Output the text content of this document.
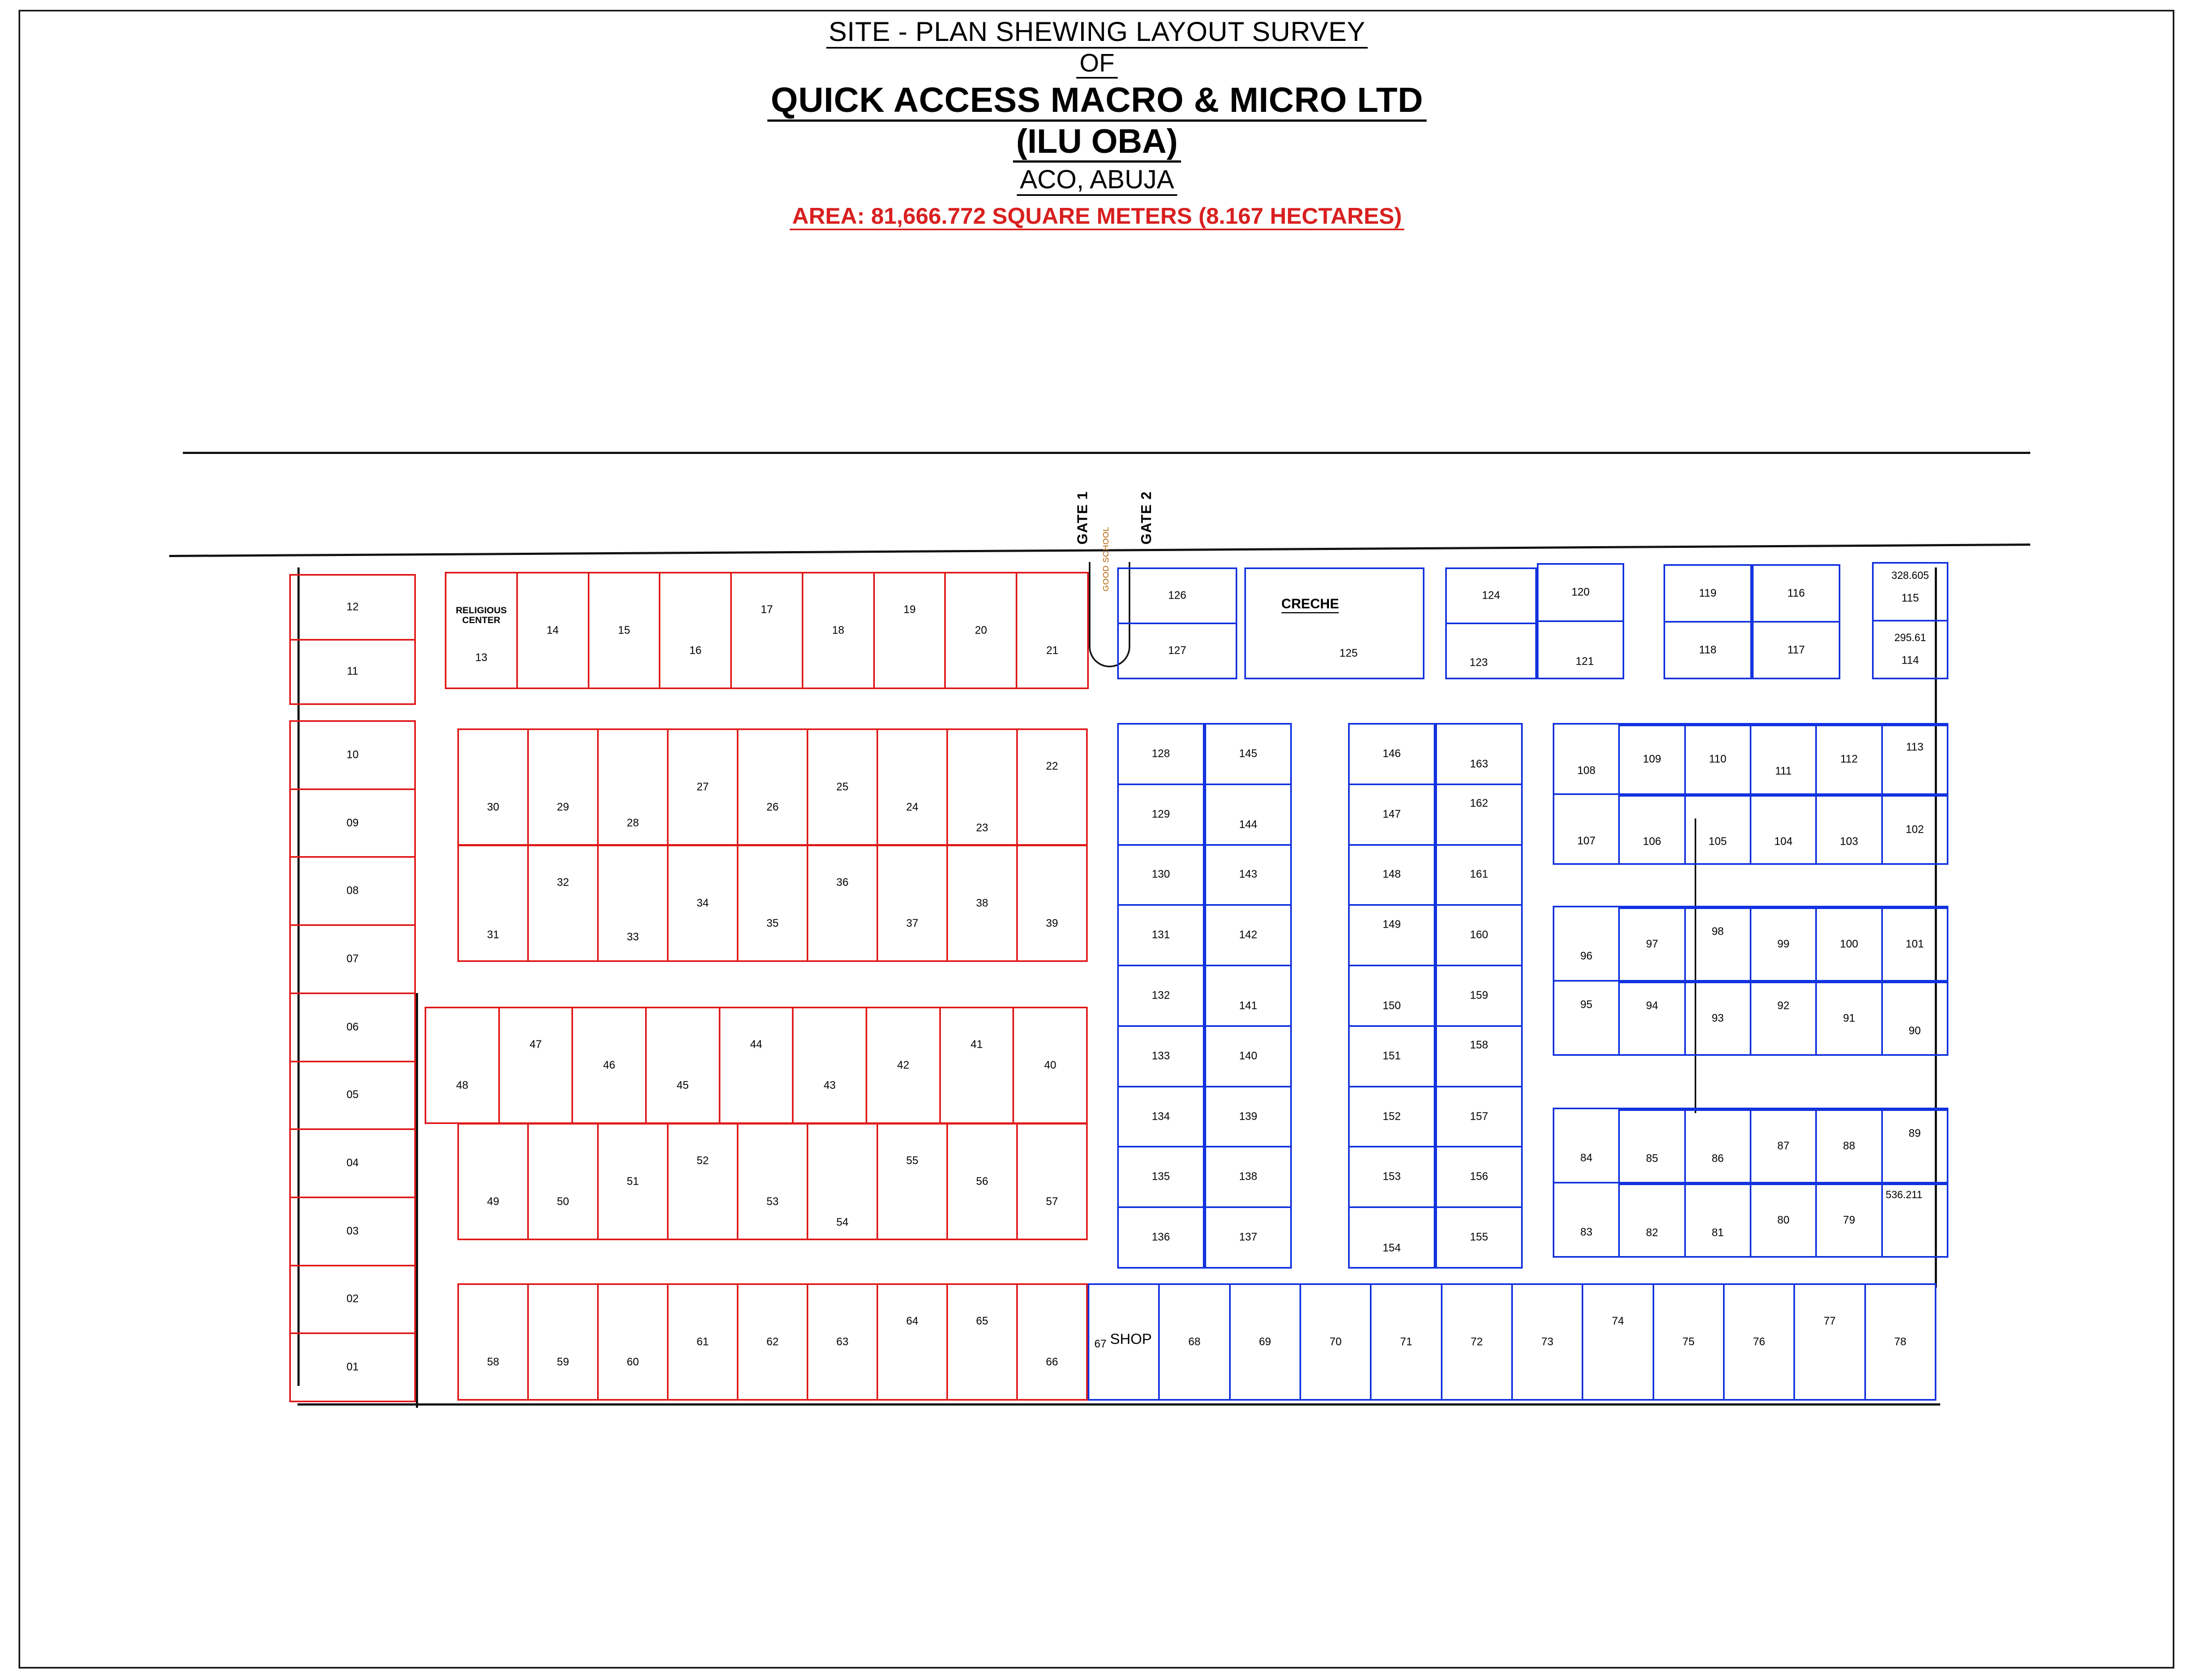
SITE - PLAN SHEWING LAYOUT SURVEY
OF
QUICK ACCESS MACRO & MICRO LTD
(ILU OBA)
ACO, ABUJA
AREA: 81,666.772 SQUARE METERS (8.167 HECTARES)
GATE 1	GATE 2
GOOD SCHOOL
12
11
10
09
08
07
06
05
04
03
02
01
RELIGIOUS CENTER
13
14	15
16
17
18
19
20
21
30	29
28
27
26
25
24
23
22
31
32
33
34
35
36
37
38
39
48
47
46
45
44
43
42
41
40
49	50
51
52
53
54
55
56
57
58	59	60
61	62	63
64	65
66
67 SHOP	68	69	70	71	72	73
74
75	76
77
78
126
127
CRECHE
125
124
123
120
121
119
118
116
117
328.605
115
295.61
114
128
129
130
131
132
133
134
135
136
145
144
143
142
141
140
139
138
137
146
147
148
149
150
151
152
153
154
163
162
161
160
159
158
157
156
155
108
109	110
111
112
113
107	106	105	104	103
102
96
97
98
99	100	101
95	94
93
92
91
90
84	85	86
87	88
89
83	82	81
80	79
536.211
